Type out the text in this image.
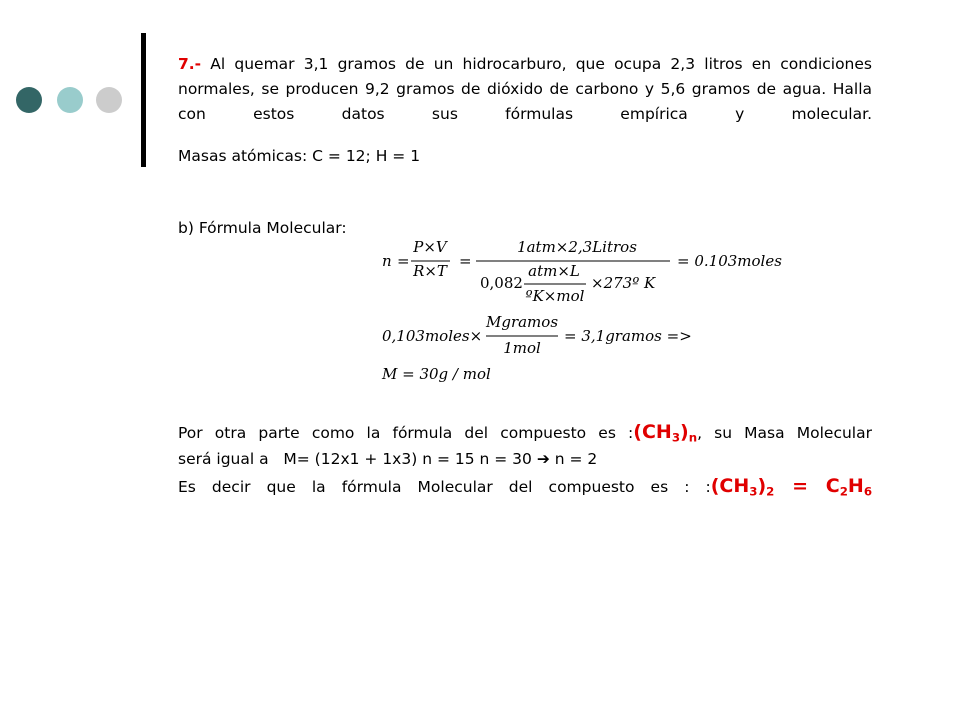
7.- Al quemar 3,1 gramos de un hidrocarburo, que ocupa 2,3 litros en condiciones normales, se producen 9,2 gramos de dióxido de carbono y 5,6 gramos de agua. Halla con estos datos sus fórmulas empírica y molecular.
Masas atómicas: C = 12; H = 1
b) Fórmula Molecular:
n =
P×V
R×T
=
1atm×2,3Litros
0,082
atm×L
ºK×mol
×273º K
= 0.103moles
0,103moles×
Mgramos
1mol
= 3,1gramos =>
M = 30g / mol
Por otra parte como la fórmula del compuesto es $:(CH_3)_n$, su Masa Molecular
será igual a   M= (12x1 + 1x3) n = 15 n = 30 ➔ n = 2
Es decir que la fórmula Molecular del compuesto es : $:(CH_3)_2 = C_2H_6$
